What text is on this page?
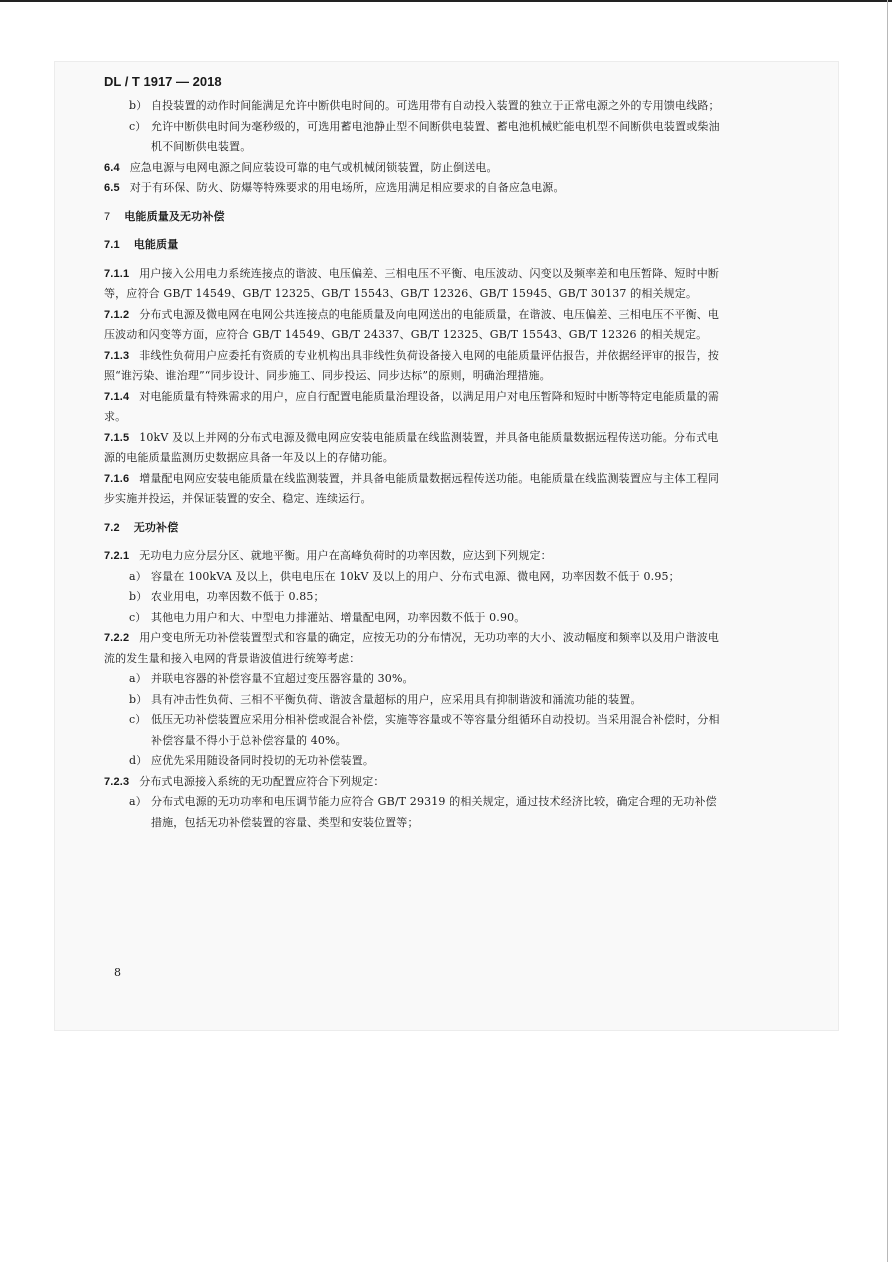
DL / T 1917 — 2018
b） 自投装置的动作时间能满足允许中断供电时间的。可选用带有自动投入装置的独立于正常电源之外的专用馈电线路；
c） 允许中断供电时间为毫秒级的，可选用蓄电池静止型不间断供电装置、蓄电池机械贮能电机型不间断供电装置或柴油机不间断供电装置。
6.4 应急电源与电网电源之间应装设可靠的电气或机械闭锁装置，防止倒送电。
6.5 对于有环保、防火、防爆等特殊要求的用电场所，应选用满足相应要求的自备应急电源。
7 电能质量及无功补偿
7.1 电能质量
7.1.1 用户接入公用电力系统连接点的谐波、电压偏差、三相电压不平衡、电压波动、闪变以及频率差和电压暂降、短时中断等，应符合 GB/T 14549、GB/T 12325、GB/T 15543、GB/T 12326、GB/T 15945、GB/T 30137 的相关规定。
7.1.2 分布式电源及微电网在电网公共连接点的电能质量及向电网送出的电能质量，在谐波、电压偏差、三相电压不平衡、电压波动和闪变等方面，应符合 GB/T 14549、GB/T 24337、GB/T 12325、GB/T 15543、GB/T 12326 的相关规定。
7.1.3 非线性负荷用户应委托有资质的专业机构出具非线性负荷设备接入电网的电能质量评估报告，并依据经评审的报告，按照“谁污染、谁治理”“同步设计、同步施工、同步投运、同步达标”的原则，明确治理措施。
7.1.4 对电能质量有特殊需求的用户，应自行配置电能质量治理设备，以满足用户对电压暂降和短时中断等特定电能质量的需求。
7.1.5 10kV 及以上并网的分布式电源及微电网应安装电能质量在线监测装置，并具备电能质量数据远程传送功能。分布式电源的电能质量监测历史数据应具备一年及以上的存储功能。
7.1.6 增量配电网应安装电能质量在线监测装置，并具备电能质量数据远程传送功能。电能质量在线监测装置应与主体工程同步实施并投运，并保证装置的安全、稳定、连续运行。
7.2 无功补偿
7.2.1 无功电力应分层分区、就地平衡。用户在高峰负荷时的功率因数，应达到下列规定：
a） 容量在 100kVA 及以上，供电电压在 10kV 及以上的用户、分布式电源、微电网，功率因数不低于 0.95；
b） 农业用电，功率因数不低于 0.85；
c） 其他电力用户和大、中型电力排灌站、增量配电网，功率因数不低于 0.90。
7.2.2 用户变电所无功补偿装置型式和容量的确定，应按无功的分布情况，无功功率的大小、波动幅度和频率以及用户谐波电流的发生量和接入电网的背景谐波值进行统筹考虑：
a） 并联电容器的补偿容量不宜超过变压器容量的 30%。
b） 具有冲击性负荷、三相不平衡负荷、谐波含量超标的用户，应采用具有抑制谐波和涌流功能的装置。
c） 低压无功补偿装置应采用分相补偿或混合补偿，实施等容量或不等容量分组循环自动投切。当采用混合补偿时，分相补偿容量不得小于总补偿容量的 40%。
d） 应优先采用随设备同时投切的无功补偿装置。
7.2.3 分布式电源接入系统的无功配置应符合下列规定：
a） 分布式电源的无功功率和电压调节能力应符合 GB/T 29319 的相关规定，通过技术经济比较，确定合理的无功补偿措施，包括无功补偿装置的容量、类型和安装位置等；
8
